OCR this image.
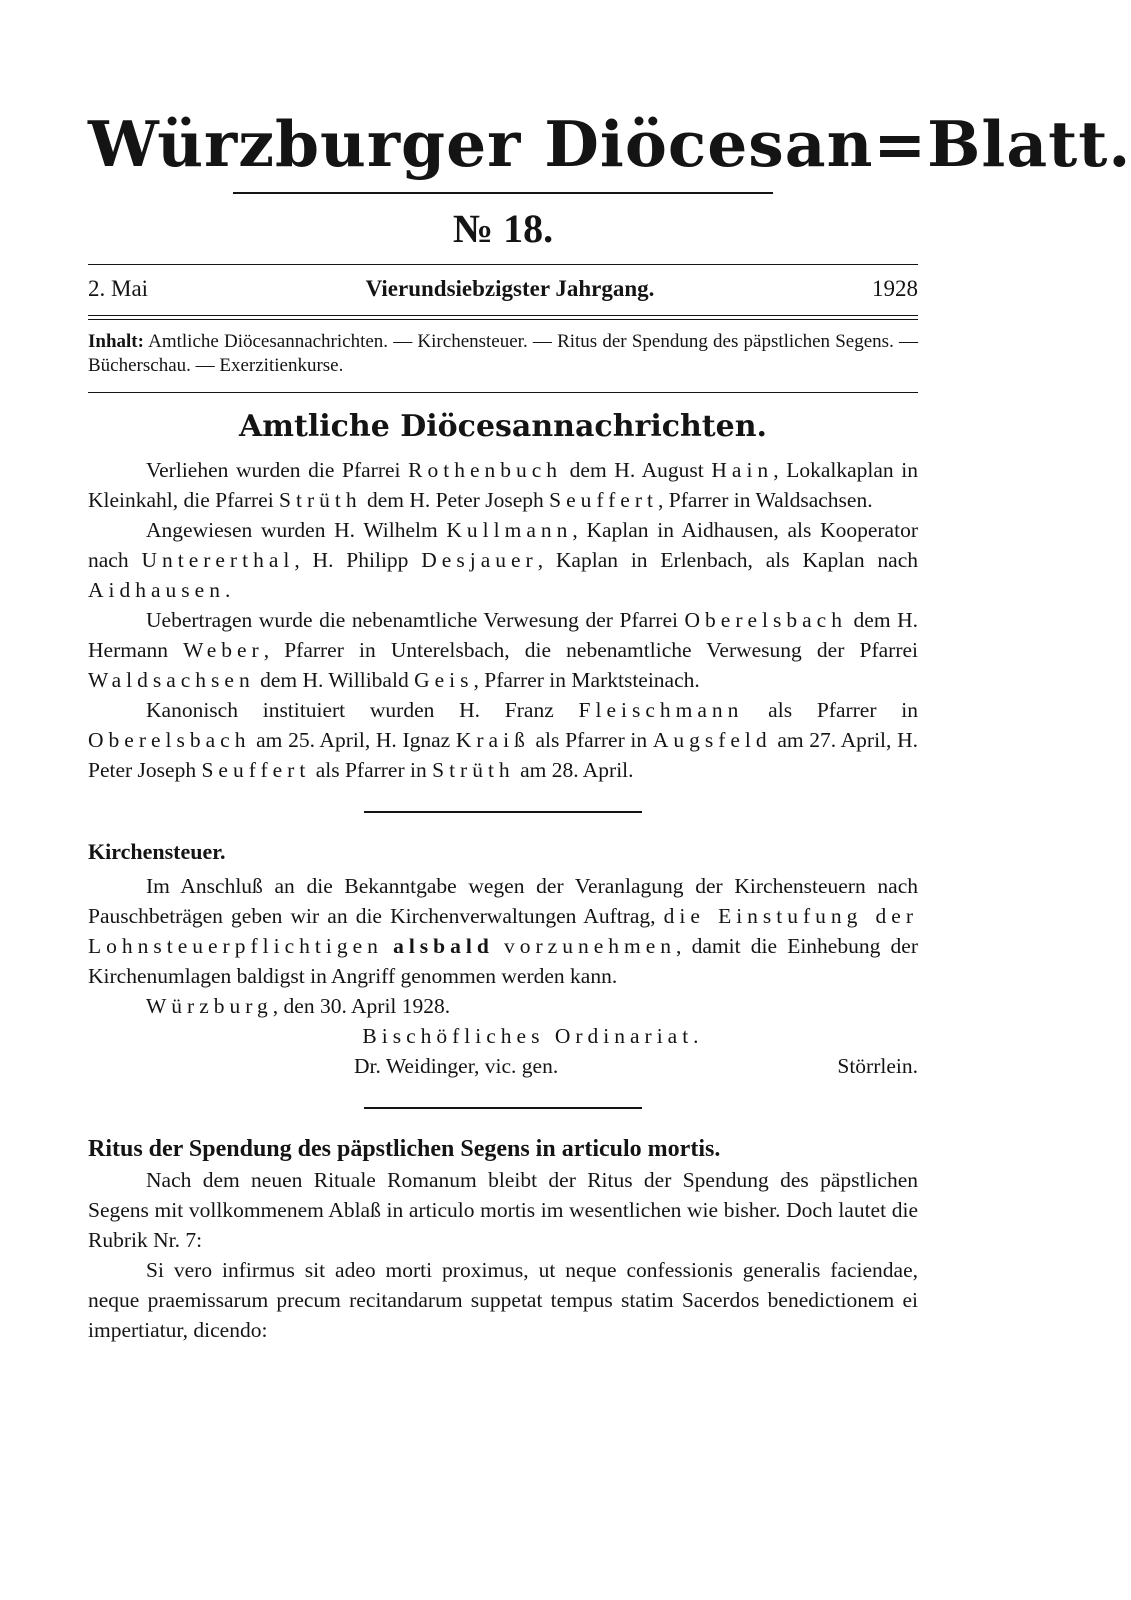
Würzburger Diöcesan=Blatt.
№ 18.
2. Mai	Vierundsiebzigster Jahrgang.	1928
Inhalt: Amtliche Diöcesannachrichten. — Kirchensteuer. — Ritus der Spendung des päpstlichen Segens. — Bücherschau. — Exerzitienkurse.
Amtliche Diöcesannachrichten.

Verliehen wurden die Pfarrei Rothenbuch dem H. August Hain, Lokalkaplan in Kleinkahl, die Pfarrei Strüth dem H. Peter Joseph Seuffert, Pfarrer in Waldsachsen.

Angewiesen wurden H. Wilhelm Kullmann, Kaplan in Aidhausen, als Kooperator nach Untererthal, H. Philipp Desjauer, Kaplan in Erlenbach, als Kaplan nach Aidhausen.

Uebertragen wurde die nebenamtliche Verwesung der Pfarrei Oberelsbach dem H. Hermann Weber, Pfarrer in Unterelsbach, die nebenamtliche Verwesung der Pfarrei Waldsachsen dem H. Willibald Geis, Pfarrer in Marktsteinach.

Kanonisch instituiert wurden H. Franz Fleischmann als Pfarrer in Oberelsbach am 25. April, H. Ignaz Kraiß als Pfarrer in Augsfeld am 27. April, H. Peter Joseph Seuffert als Pfarrer in Strüth am 28. April.

Kirchensteuer.

Im Anschluß an die Bekanntgabe wegen der Veranlagung der Kirchensteuern nach Pauschbeträgen geben wir an die Kirchenverwaltungen Auftrag, die Einstufung der Lohnsteuerpflichtigen alsbald vorzunehmen, damit die Einhebung der Kirchenumlagen baldigst in Angriff genommen werden kann.

Würzburg, den 30. April 1928.
Bischöfliches Ordinariat.
Dr. Weidinger, vic. gen.	Störrlein.
Ritus der Spendung des päpstlichen Segens in articulo mortis.

Nach dem neuen Rituale Romanum bleibt der Ritus der Spendung des päpstlichen Segens mit vollkommenem Ablaß in articulo mortis im wesentlichen wie bisher. Doch lautet die Rubrik Nr. 7:

Si vero infirmus sit adeo morti proximus, ut neque confessionis generalis faciendae, neque praemissarum precum recitandarum suppetat tempus statim Sacerdos benedictionem ei impertiatur, dicendo:
